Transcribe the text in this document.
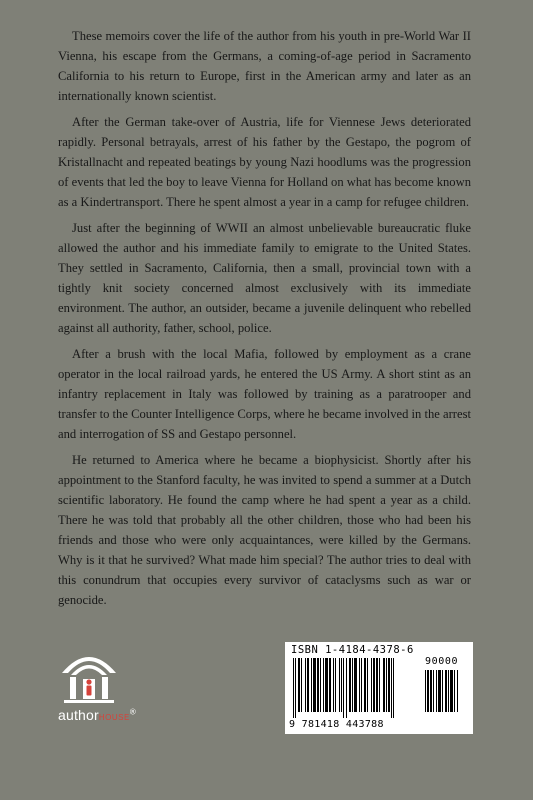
These memoirs cover the life of the author from his youth in pre-World War II Vienna, his escape from the Germans, a coming-of-age period in Sacramento California to his return to Europe, first in the American army and later as an internationally known scientist.

After the German take-over of Austria, life for Viennese Jews deteriorated rapidly. Personal betrayals, arrest of his father by the Gestapo, the pogrom of Kristallnacht and repeated beatings by young Nazi hoodlums was the progression of events that led the boy to leave Vienna for Holland on what has become known as a Kindertransport. There he spent almost a year in a camp for refugee children.

Just after the beginning of WWII an almost unbelievable bureaucratic fluke allowed the author and his immediate family to emigrate to the United States. They settled in Sacramento, California, then a small, provincial town with a tightly knit society concerned almost exclusively with its immediate environment. The author, an outsider, became a juvenile delinquent who rebelled against all authority, father, school, police.

After a brush with the local Mafia, followed by employment as a crane operator in the local railroad yards, he entered the US Army. A short stint as an infantry replacement in Italy was followed by training as a paratrooper and transfer to the Counter Intelligence Corps, where he became involved in the arrest and interrogation of SS and Gestapo personnel.

He returned to America where he became a biophysicist. Shortly after his appointment to the Stanford faculty, he was invited to spend a summer at a Dutch scientific laboratory. He found the camp where he had spent a year as a child. There he was told that probably all the other children, those who had been his friends and those who were only acquaintances, were killed by the Germans. Why is it that he survived? What made him special? The author tries to deal with this conundrum that occupies every survivor of cataclysms such as war or genocide.

authorHOUSE®
ISBN 1-4184-4378-6
90000
9 781418 443788
